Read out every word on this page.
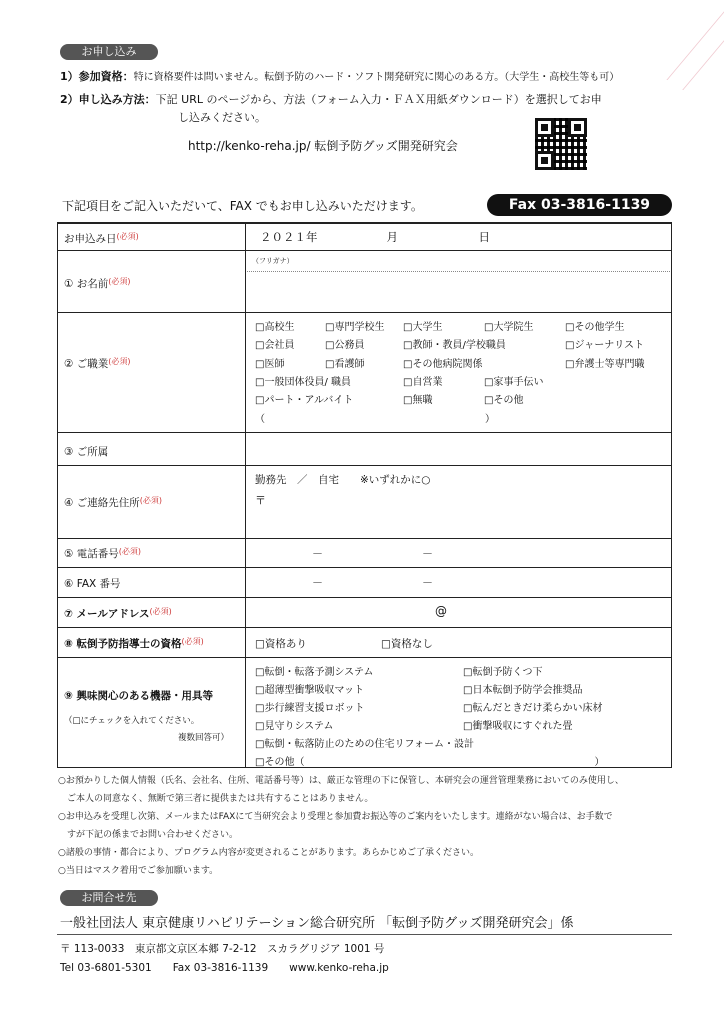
お申し込み
1）参加資格：特に資格要件は問いません。転倒予防のハード・ソフト開発研究に関心のある方。（大学生・高校生等も可）
2）申し込み方法：下記 URL のページから、方法（フォーム入力・ＦＡＸ用紙ダウンロード）を選択してお申
し込みください。
http://kenko-reha.jp/ 転倒予防グッズ開発研究会
下記項目をご記入いただいて、FAX でもお申し込みいただけます。	Fax 03-3816-1139
お申込み日$^{(必須)}$	２０２１年　　　　　　月　　　　　　　日
① お名前$^{(必須)}$
（フリガナ）
② ご職業$^{(必須)}$
□高校生	□専門学校生 □大学生	□大学院生	□その他学生
□会社員	□公務員	□教師・教員/学校職員	□ジャーナリスト
□医師	□看護師	□その他病院関係	□弁護士等専門職
□一般団体役員/ 職員	□自営業	□家事手伝い
□パート・アルバイト	□無職	□その他
（　　　　　　　　　　　　　　　　　　　　　　）
③ ご所属
④ ご連絡先住所$^{(必須)}$
勤務先　／　自宅　　※いずれかに○
〒
⑤ 電話番号$^{(必須)}$	－　　　　　　　　　－
⑥ FAX 番号	－　　　　　　　　　－
⑦ メールアドレス$^{(必須)}$	@
⑧ 転倒予防指導士の資格$^{(必須)}$	□資格あり	□資格なし
⑨ 興味関心のある機器・用具等
（□にチェックを入れてください。
複数回答可）
□転倒・転落予測システム	□転倒予防くつ下
□超薄型衝撃吸収マット	□日本転倒予防学会推奨品
□歩行練習支援ロボット	□転んだときだけ柔らかい床材
□見守りシステム	□衝撃吸収にすぐれた畳
□転倒・転落防止のための住宅リフォーム・設計
□その他（　　　　　　　　　　　　　　　　　　　　　　　　　　　　　）
○お預かりした個人情報（氏名、会社名、住所、電話番号等）は、厳正な管理の下に保管し、本研究会の運営管理業務においてのみ使用し、
　ご本人の同意なく、無断で第三者に提供または共有することはありません。
○お申込みを受理し次第、メールまたはFAXにて当研究会より受理と参加費お振込等のご案内をいたします。連絡がない場合は、お手数で
　すが下記の係までお問い合わせください。
○諸般の事情・都合により、プログラム内容が変更されることがあります。あらかじめご了承ください。
○当日はマスク着用でご参加願います。
お問合せ先
一般社団法人 東京健康リハビリテーション総合研究所 「転倒予防グッズ開発研究会」係
〒 113-0033　東京都文京区本郷 7-2-12　スカラグリジア 1001 号
Tel 03-6801-5301　　Fax 03-3816-1139　　www.kenko-reha.jp
